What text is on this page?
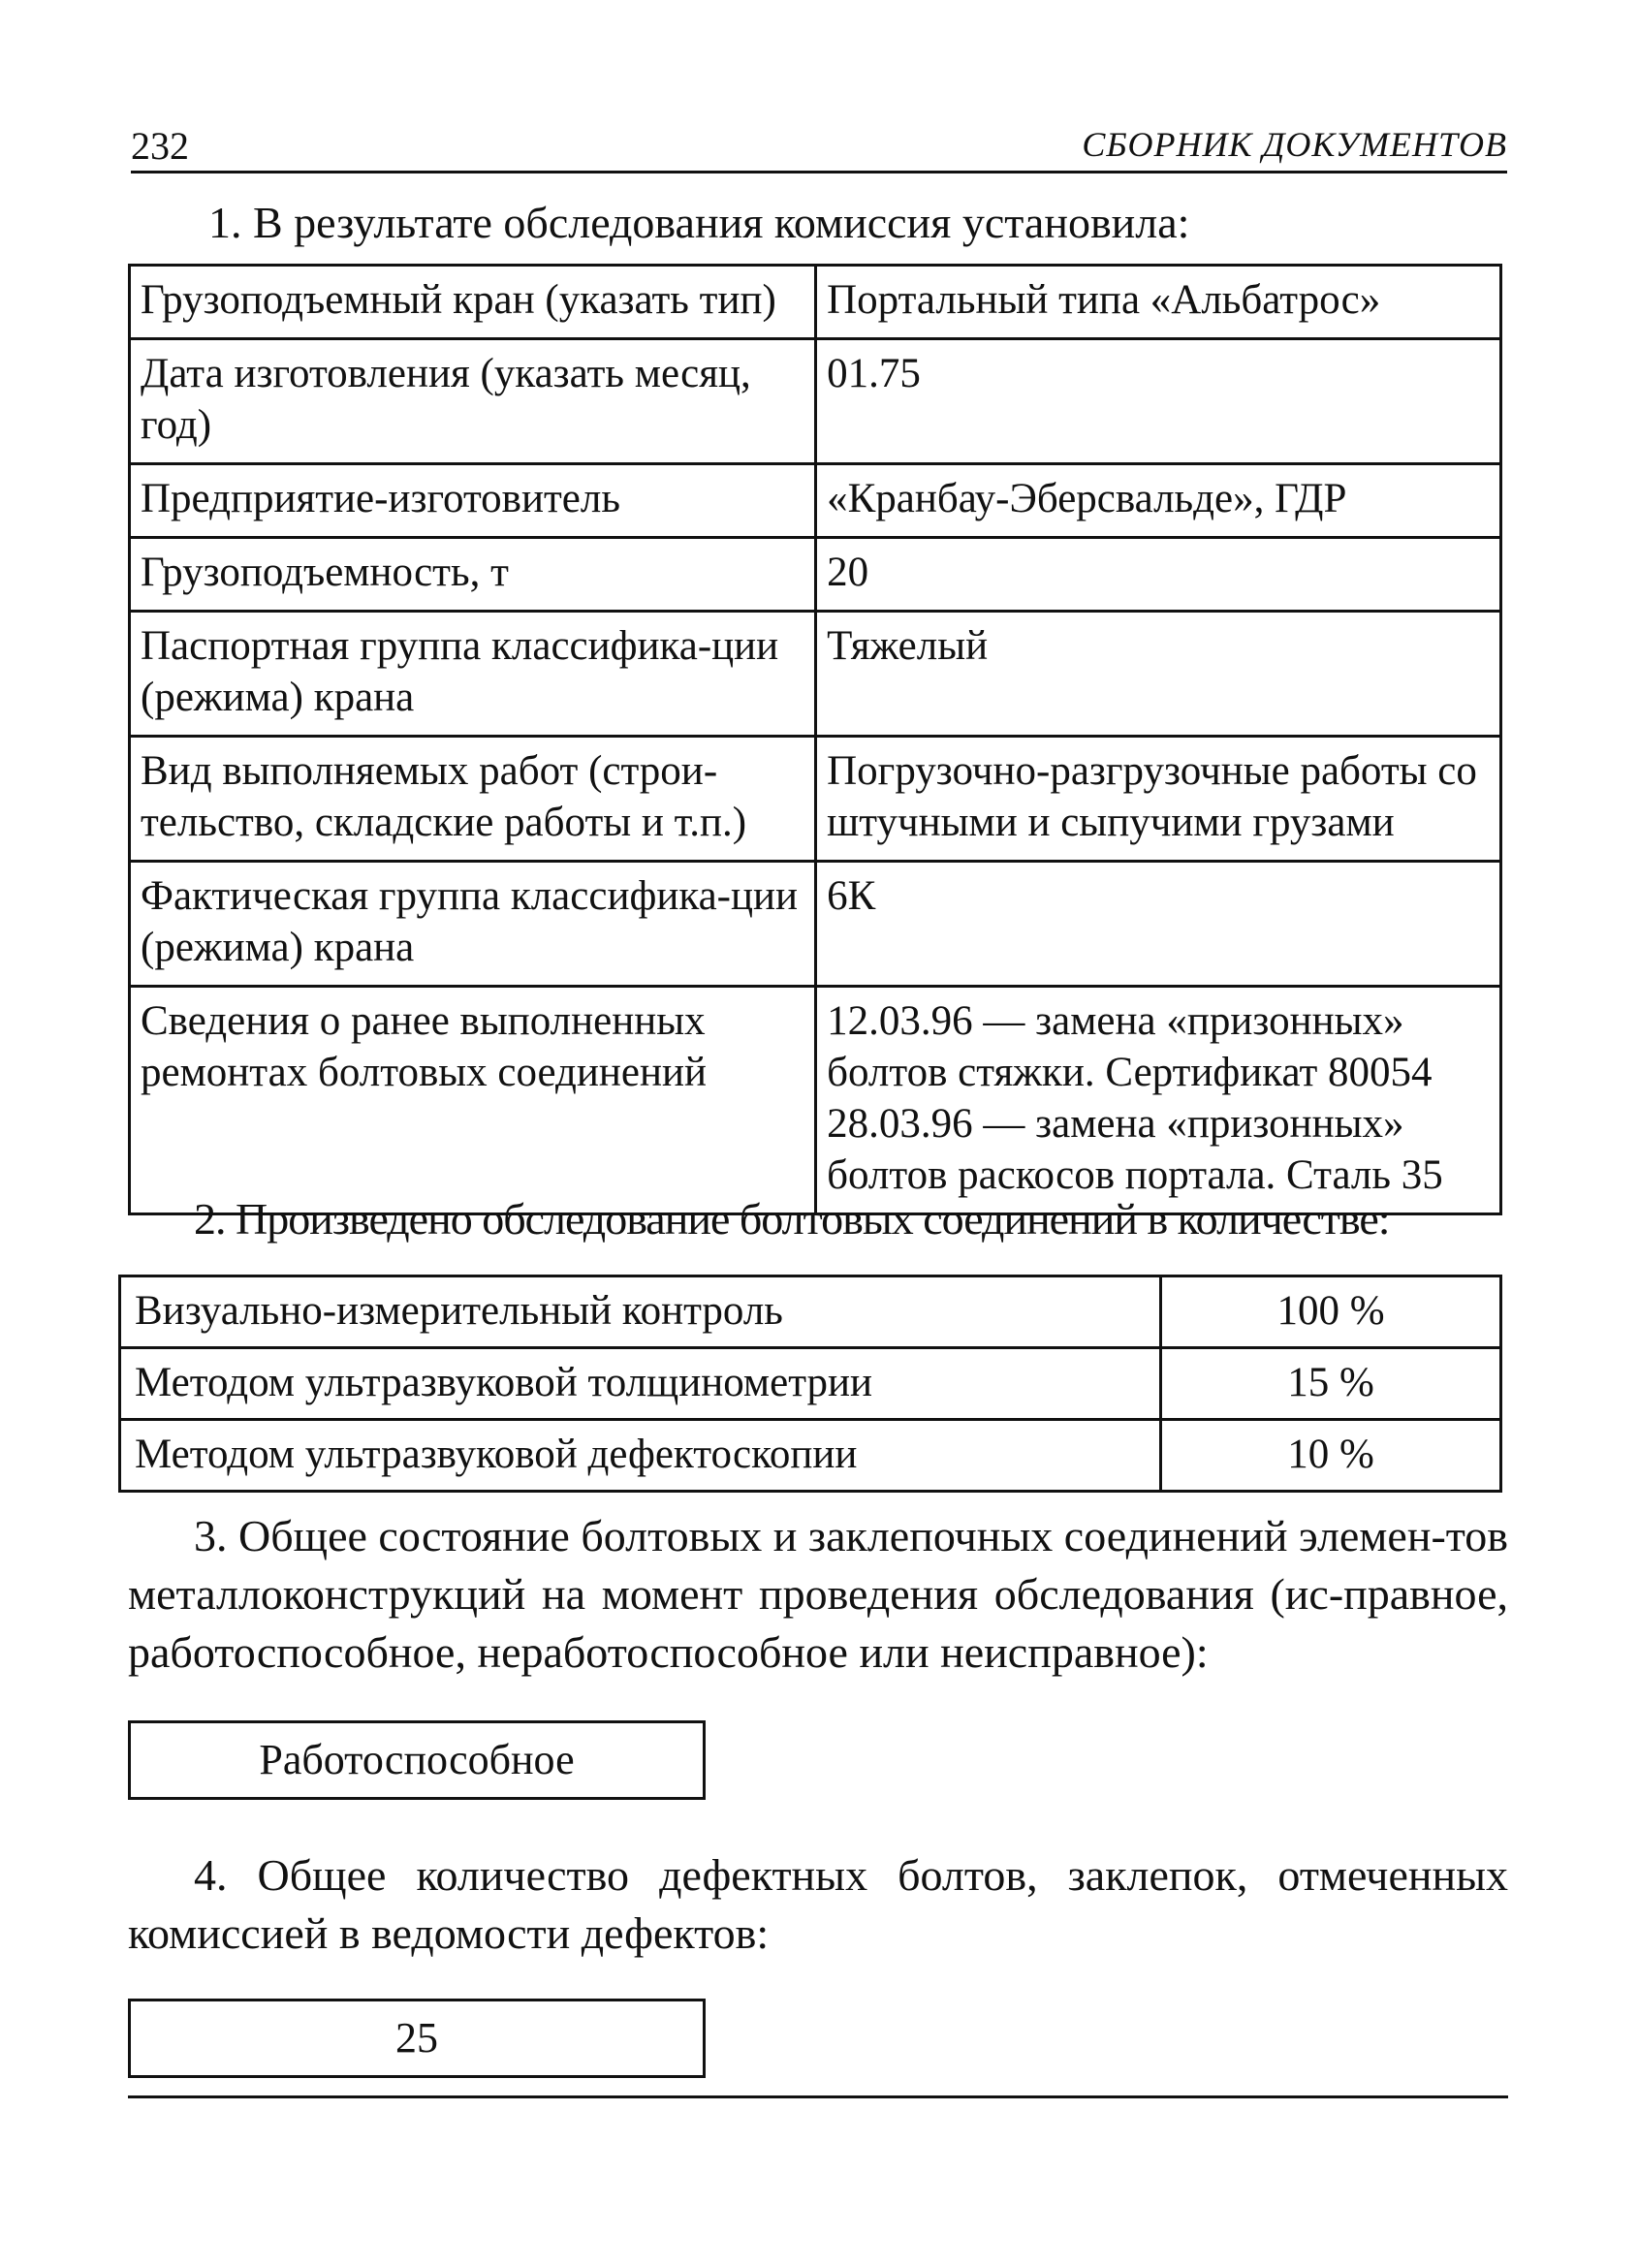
232	СБОРНИК ДОКУМЕНТОВ
1. В результате обследования комиссия установила:
Грузоподъемный кран (указать тип)	Портальный типа «Альбатрос»
Дата изготовления (указать месяц, год)	01.75
Предприятие-изготовитель	«Кранбау-Эберсвальде», ГДР
Грузоподъемность, т	20
Паспортная группа классифика-ции (режима) крана	Тяжелый
Вид выполняемых работ (строи-тельство, складские работы и т.п.)	Погрузочно-разгрузочные работы со штучными и сыпучими грузами
Фактическая группа классифика-ции (режима) крана	6К
Сведения о ранее выполненных ремонтах болтовых соединений	12.03.96 — замена «призонных» болтов стяжки. Сертификат 80054 28.03.96 — замена «призонных» болтов раскосов портала. Сталь 35
2. Произведено обследование болтовых соединений в количестве:
Визуально-измерительный контроль	100 %
Методом ультразвуковой толщинометрии	15 %
Методом ультразвуковой дефектоскопии	10 %
3. Общее состояние болтовых и заклепочных соединений элемен-тов металлоконструкций на момент проведения обследования (ис-правное, работоспособное, неработоспособное или неисправное):
Работоспособное
4. Общее количество дефектных болтов, заклепок, отмеченных комиссией в ведомости дефектов:
25
